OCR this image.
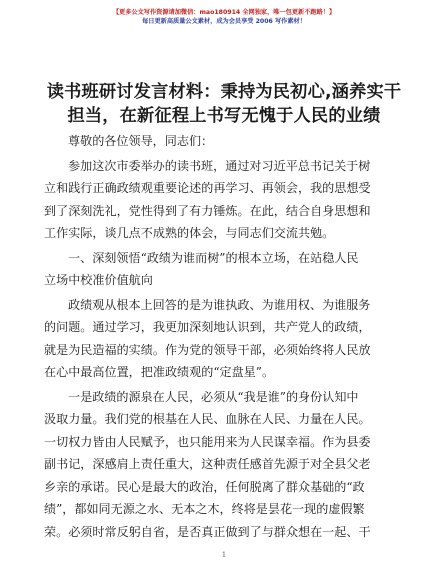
【更多公文写作资源请加微信：mao180914 全网独家，唯一包更新不跑路！】
每日更新高质量公文素材，成为会员享受 2006 写作素材！
读书班研讨发言材料：秉持为民初心,涵养实干
担当，在新征程上书写无愧于人民的业绩

尊敬的各位领导，同志们：

参加这次市委举办的读书班，通过对习近平总书记关于树

立和践行正确政绩观重要论述的再学习、再领会，我的思想受

到了深刻洗礼，党性得到了有力锤炼。在此，结合自身思想和

工作实际，谈几点不成熟的体会，与同志们交流共勉。

一、深刻领悟“政绩为谁而树”的根本立场，在站稳人民

立场中校准价值航向

政绩观从根本上回答的是为谁执政、为谁用权、为谁服务

的问题。通过学习，我更加深刻地认识到，共产党人的政绩，

就是为民造福的实绩。作为党的领导干部，必须始终将人民放

在心中最高位置，把准政绩观的“定盘星”。

一是政绩的源泉在人民，必须从“我是谁”的身份认知中

汲取力量。我们党的根基在人民、血脉在人民、力量在人民。

一切权力皆由人民赋予，也只能用来为人民谋幸福。作为县委

副书记，深感肩上责任重大，这种责任感首先源于对全县父老

乡亲的承诺。民心是最大的政治，任何脱离了群众基础的“政

绩”，都如同无源之水、无本之木，终将是昙花一现的虚假繁

荣。必须时常反躬自省，是否真正做到了与群众想在一起、干

1
